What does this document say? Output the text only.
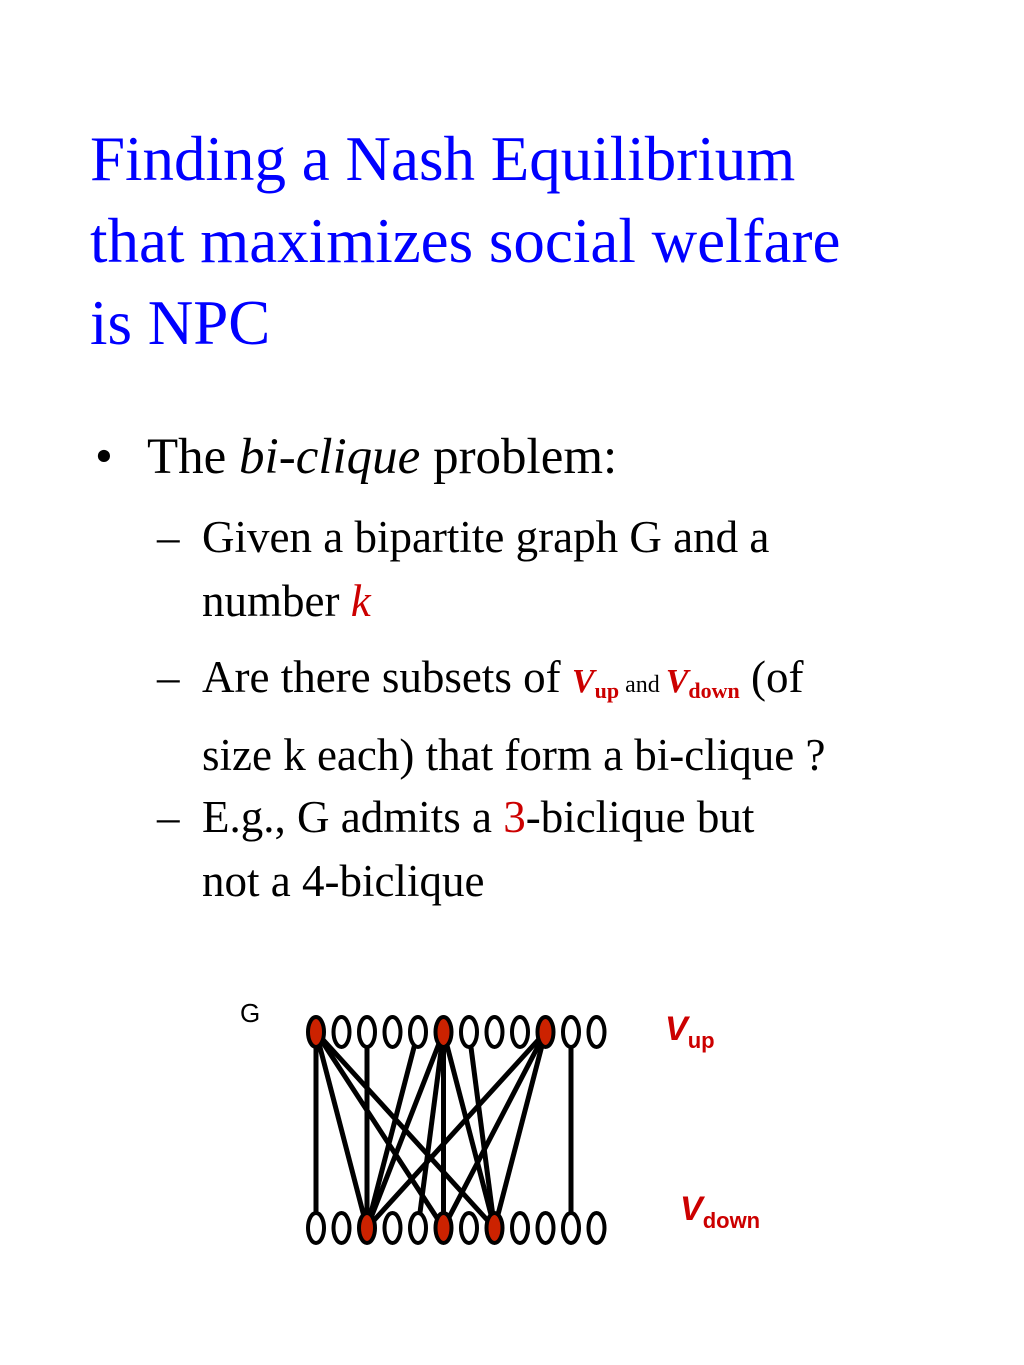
Finding a Nash Equilibrium
that maximizes social welfare
is NPC
• The bi-clique problem:
– Given a bipartite graph G and a
number k
– Are there subsets of Vup and Vdown (of
size k each) that form a bi-clique ?
– E.g., G admits a 3-biclique but
not a 4-biclique
G	Vup
Vdown
